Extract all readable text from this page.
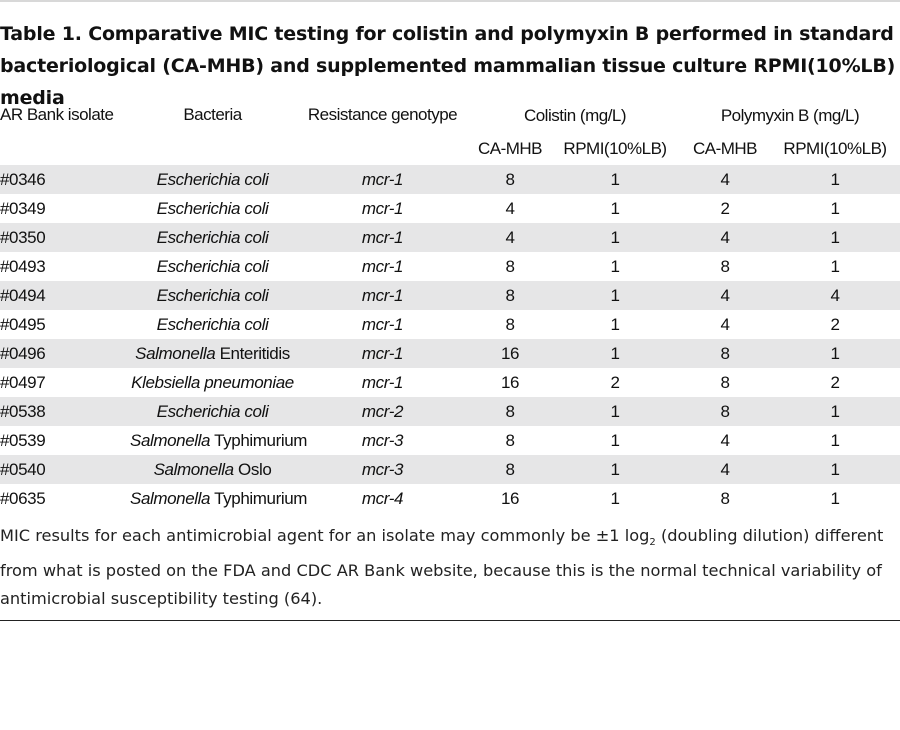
Table 1. Comparative MIC testing for colistin and polymyxin B performed in standard bacteriological (CA-MHB) and supplemented mammalian tissue culture RPMI(10%LB) media

AR Bank isolate	Bacteria	Resistance genotype	Colistin (mg/L)		Polymyxin B (mg/L)	
			CA-MHB	RPMI(10%LB)	CA-MHB	RPMI(10%LB)
#0346	Escherichia coli	mcr-1	8	1	4	1
#0349	Escherichia coli	mcr-1	4	1	2	1
#0350	Escherichia coli	mcr-1	4	1	4	1
#0493	Escherichia coli	mcr-1	8	1	8	1
#0494	Escherichia coli	mcr-1	8	1	4	4
#0495	Escherichia coli	mcr-1	8	1	4	2
#0496	Salmonella Enteritidis	mcr-1	16	1	8	1
#0497	Klebsiella pneumoniae	mcr-1	16	2	8	2
#0538	Escherichia coli	mcr-2	8	1	8	1
#0539	Salmonella Typhimurium	mcr-3	8	1	4	1
#0540	Salmonella Oslo	mcr-3	8	1	4	1
#0635	Salmonella Typhimurium	mcr-4	16	1	8	1

MIC results for each antimicrobial agent for an isolate may commonly be ±1 $\log_2$ (doubling dilution) different from what is posted on the FDA and CDC AR Bank website, because this is the normal technical variability of antimicrobial susceptibility testing (64).
